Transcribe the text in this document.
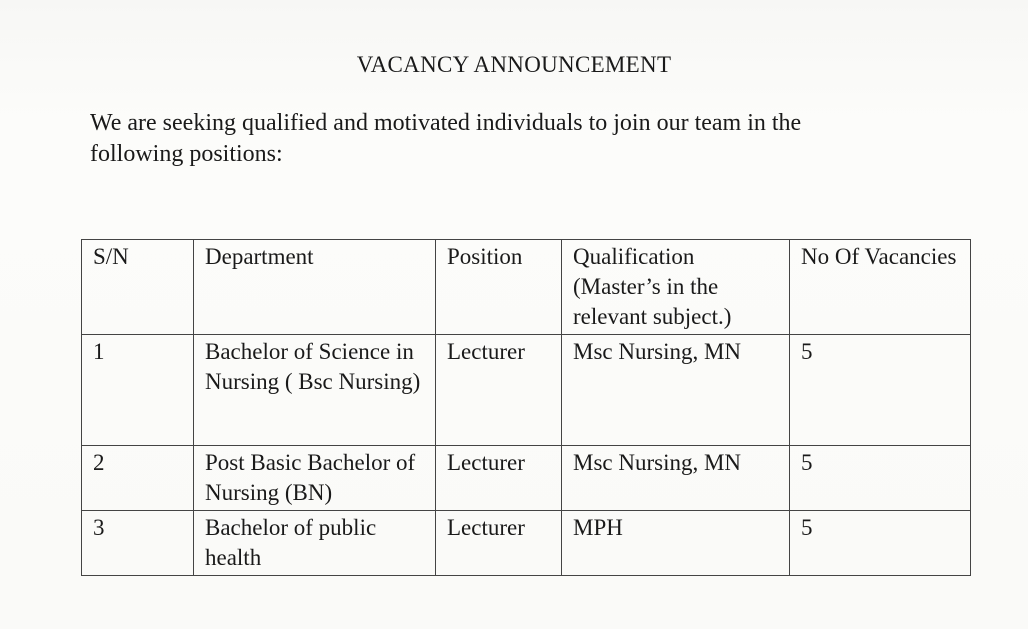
VACANCY ANNOUNCEMENT
We are seeking qualified and motivated individuals to join our team in the following positions:
S/N	Department	Position	Qualification (Master’s in the relevant subject.)	No Of Vacancies
1	Bachelor of Science in Nursing ( Bsc Nursing)	Lecturer	Msc Nursing, MN	5
2	Post Basic Bachelor of Nursing (BN)	Lecturer	Msc Nursing, MN	5
3	Bachelor of public health	Lecturer	MPH	5
